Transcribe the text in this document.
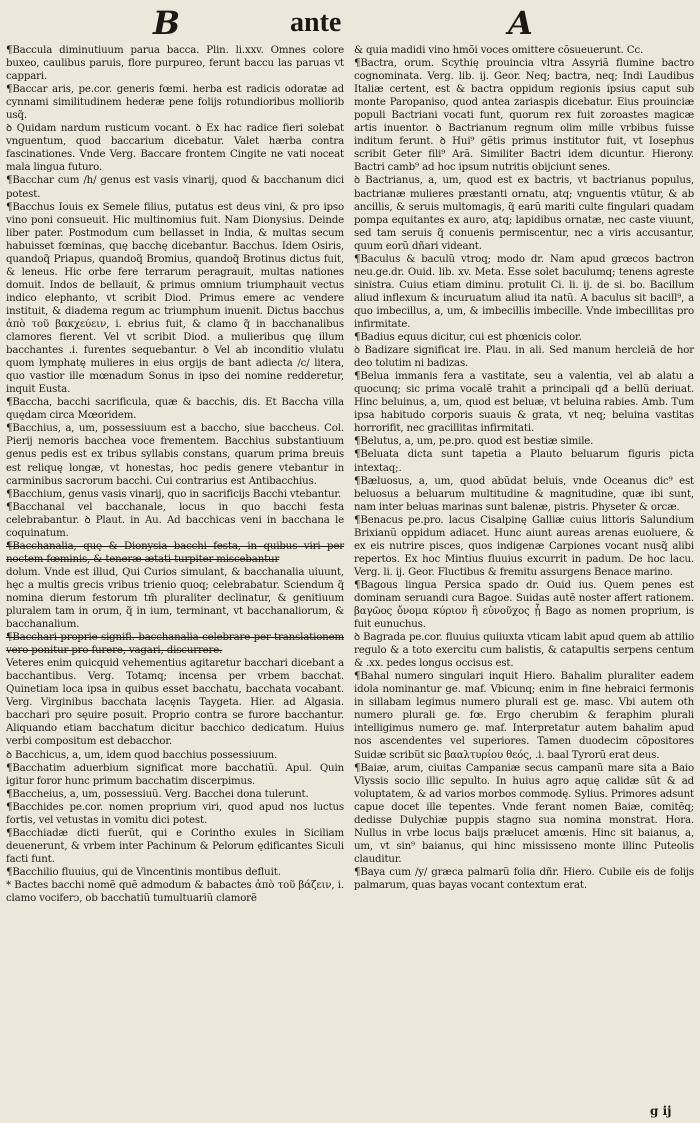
B	ante	A

¶Baccula diminutiuum parua bacca. Plin. li.xxv. Omnes colore buxeo, caulibus paruis, flore purpureo, ferunt baccu las paruas vt cappari.

¶Baccar aris, pe.cor. generis fœmi. herba est radicis odoratæ ad cynnami similitudinem hederæ pene folijs rotundioribus molliorib usq̃.

ꝺ Quidam nardum rusticum vocant. ꝺ Ex hac radice fieri solebat vnguentum, quod baccarium dicebatur. Valet hærba contra fascinationes. Vnde Verg. Baccare frontem Cingite ne vati noceat mala lingua futuro.

¶Bacchar cum /h/ genus est vasis vinarij, quod & bacchanum dici potest.

¶Bacchus Iouis ex Semele filius, putatus est deus vini, & pro ipso vino poni consueuit. Hic multinomius fuit. Nam Dionysius. Deinde liber pater. Postmodum cum bellasset in India, & multas secum habuisset fœminas, quę bacchę dicebantur. Bacchus. Idem Osiris, quandoq̃ Priapus, quandoq̃ Bromius, quandoq̃ Brotinus dictus fuit, & leneus. Hic orbe fere terrarum peragrauit, multas nationes domuit. Indos de bellauit, & primus omnium triumphauit vectus indico elephanto, vt scribit Diod. Primus emere ac vendere instituit, & diadema regum ac triumphum inuenit. Dictus bacchus ἀπὸ τοῦ βακχεύειν, i. ebrius fuit, & clamo q̃ in bacchanalibus clamores fierent. Vel vt scribit Diod. a mulieribus quę illum bacchantes .i. furentes sequebantur. ꝺ Vel ab inconditio vlulatu quom lymphatę mulieres in eius orgijs de bant adiecta /c/ litera, quo vastior ille mœnadum Sonus in ipso dei nomine redderetur, inquit Eusta.

¶Baccha, bacchi sacrificula, quæ & bacchis, dis. Et Baccha villa quędam circa Mœoridem.

¶Bacchius, a, um, possessiuum est a baccho, siue baccheus. Col. Pierij nemoris bacchea voce frementem. Bacchius substantiuum genus pedis est ex tribus syllabis constans, quarum prima breuis est reliquę longæ, vt honestas, hoc pedis genere vtebantur in carminibus sacrorum bacchi. Cui contrarius est Antibacchius.

¶Bacchium, genus vasis vinarij, quo in sacrificijs Bacchi vtebantur.

¶Bacchanal vel bacchanale, locus in quo bacchi festa celebrabantur. ꝺ Plaut. in Au. Ad bacchicas veni in bacchana le coquinatum.

¶Bacchanalia, quę & Dionysia bacchi festa, in quibus viri per noctem fœminis, & teneræ ætati turpiter miscebantur

dolum. Vnde est illud, Qui Curios simulant, & bacchanalia uiuunt, hęc a multis grecis vribus trienio quoq; celebrabatur. Sciendum q̃ nomina dierum festorum tm̃ pluraliter declinatur, & genitiuum pluralem tam in orum, q̃ in ium, terminant, vt bacchanaliorum, & bacchanalium.

¶Bacchari proprie signifi. bacchanalia celebrare per translationem vero ponitur pro furere, vagari, discurrere.

Veteres enim quicquid vehementius agitaretur bacchari dicebant a bacchantibus. Verg. Totamq; incensa per vrbem bacchat. Quinetiam loca ipsa in quibus esset bacchatu, bacchata vocabant. Verg. Virginibus bacchata lacęnis Taygeta. Hier. ad Algasia. bacchari pro sęuire posuit. Proprio contra se furore bacchantur. Aliquando etiam bacchatum dicitur bacchico dedicatum. Huius verbi compositum est debacchor.

ꝺ Bacchicus, a, um, idem quod bacchius possessiuum.

¶Bacchatim aduerbium significat more bacchatiũ. Apul. Quin igitur foror hunc primum bacchatim discerpimus.

¶Baccheius, a, um, possessiuũ. Verg. Bacchei dona tulerunt.

¶Bacchides pe.cor. nomen proprium viri, quod apud nos luctus fortis, vel vetustas in vomitu dici potest.

¶Bacchiadæ dicti fuerũt, qui e Corintho exules in Siciliam deuenerunt, & vrbem inter Pachinum & Pelorum ędificantes Siculi facti funt.

¶Bacchilio fluuius, qui de Vincentinis montibus defluit.

* Bactes bacchi nomẽ quẽ admodum & babactes ἀπὸ τοῦ βάζειν, i. clamo vociferᴐ, ob bacchatiũ tumultuariũ clamorẽ

& quia madidi vino hmõi voces omittere cõsueuerunt. Cc.

¶Bactra, orum. Scythię prouincia vltra Assyriã flumine bactro cognominata. Verg. lib. ij. Geor. Neq; bactra, neq; Indi Laudibus Italiæ certent, est & bactra oppidum regionis ipsius caput sub monte Paropaniso, quod antea zariaspis dicebatur. Eius prouinciæ populi Bactriani vocati funt, quorum rex fuit zoroastes magicæ artis inuentor. ꝺ Bactrianum regnum olim mille vrbibus fuisse inditum ferunt. ꝺ Hui⁹ gẽtis primus institutor fuit, vt Iosephus scribit Geter fili⁹ Arã. Similiter Bactri idem dicuntur. Hierony. Bactri camb⁹ ad hoc ipsum nutritis obijciunt senes.

ꝺ Bactrianus, a, um, quod est ex bactris, vt bactrianus populus, bactrianæ mulieres præstanti ornatu, atq; vnguentis vtũtur, & ab ancillis, & seruis multomagis, q̃ earũ mariti culte fingulari quadam pompa equitantes ex auro, atq; lapidibus ornatæ, nec caste viuunt, sed tam seruis q̃ conuenis permiscentur, nec a viris accusantur, quum eorũ dñari videant.

¶Baculus & baculũ vtroq; modo dr. Nam apud grœcos bactron neu.ge.dr. Ouid. lib. xv. Meta. Esse solet baculumq; tenens agreste sinistra. Cuius etiam diminu. protulit Ci. li. ij. de si. bo. Bacillum aliud inflexum & incuruatum aliud ita natũ. A baculus sit bacill⁹, a quo imbecillus, a, um, & imbecillis imbecille. Vnde imbecillitas pro infirmitate.

¶Badius equus dicitur, cui est phœnicis color.

ꝺ Badizare significat ire. Plau. in ali. Sed manum hercleiã de hor deo tolutim ni badizas.

¶Belua immanis fera a vastitate, seu a valentia, vel ab alatu a quocunq; sic prima vocalẽ trahit a principali qđ a bellũ deriuat. Hinc beluinus, a, um, quod est beluæ, vt beluina rabies. Amb. Tum ipsa habitudo corporis suauis & grata, vt neq; beluina vastitas horrorifit, nec gracillitas infirmitati.

¶Belutus, a, um, pe.pro. quod est bestiæ simile.

¶Beluata dicta sunt tapetia a Plauto beluarum figuris picta intextaq;.

¶Bæluosus, a, um, quod abũdat beluis, vnde Oceanus dic⁹ est beluosus a beluarum multitudine & magnitudine, quæ ibi sunt, nam inter beluas marinas sunt balenæ, pistris. Physeter & orcæ.

¶Benacus pe.pro. lacus Cisalpinę Galliæ cuius littoris Salundium Brixianũ oppidum adiacet. Hunc aiunt aureas arenas euoluere, & ex eis nutrire pisces, quos indigenæ Carpiones vocant nusq̃ alibi repertos. Ex hoc Mintius fluuius excurrit in padum. De hoc lacu. Verg. li. ij. Geor. Fluctibus & fremitu assurgens Benace marino.

¶Bagous lingua Persica spado dr. Ouid ius. Quem penes est dominam seruandi cura Bagoe. Suidas autẽ noster affert rationem. βαγῶος ὄνομα κύριον ἢ εὐνοῦχος ᾗ Bago as nomen proprium, is fuit eunuchus.

ꝺ Bagrada pe.cor. fluuius quiiuxta vticam labit apud quem ab attilio regulo & a toto exercitu cum balistis, & catapultis serpens centum & .xx. pedes longus occisus est.

¶Bahal numero singulari inquit Hiero. Bahalim pluraliter eadem idola nominantur ge. maf. Vbicunq; enim in fine hebraici fermonis in sillabam legimus numero plurali est ge. masc. Vbi autem oth numero plurali ge. fœ. Ergo cherubim & feraphim plurali intelligimus numero ge. maf. Interpretatur autem bahalim apud nos ascendentes vel superiores. Tamen duodecim cõpositores Suidæ scribũt sic βααλτυρίου θεός, .i. baal Tyrorũ erat deus.

¶Baiæ, arum, ciuitas Campaniæ secus campanũ mare sita a Baio Vlyssis socio illic sepulto. In huius agro aquę calidæ sũt & ad voluptatem, & ad varios morbos commodę. Sylius. Primores adsunt capue docet ille tepentes. Vnde ferant nomen Baiæ, comitẽq; dedisse Dulychiæ puppis stagno sua nomina monstrat. Hora. Nullus in vrbe locus baijs prælucet amœnis. Hinc sit baianus, a, um, vt sin⁹ baianus, qui hinc mississeno monte illinc Puteolis clauditur.

¶Baya cum /y/ græca palmarũ folia dñr. Hiero. Cubile eis de folijs palmarum, quas bayas vocant contextum erat.

g ij
